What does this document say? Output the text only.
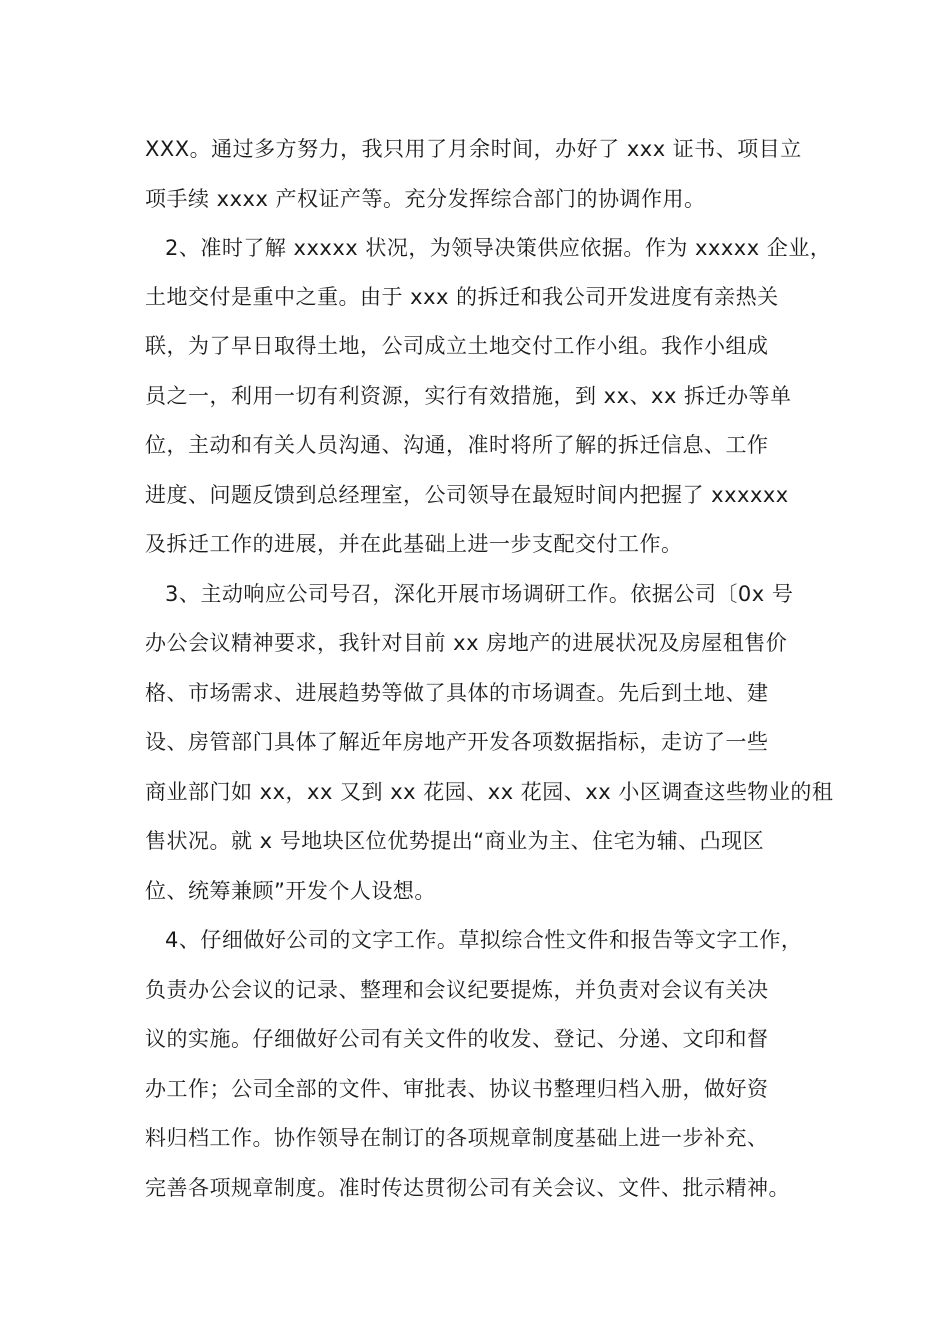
XXX。通过多方努力，我只用了月余时间，办好了 xxx 证书、项目立
项手续 xxxx 产权证产等。充分发挥综合部门的协调作用。
2、准时了解 xxxxx 状况，为领导决策供应依据。作为 xxxxx 企业，
土地交付是重中之重。由于 xxx 的拆迁和我公司开发进度有亲热关
联，为了早日取得土地，公司成立土地交付工作小组。我作小组成
员之一，利用一切有利资源，实行有效措施，到 xx、xx 拆迁办等单
位，主动和有关人员沟通、沟通，准时将所了解的拆迁信息、工作
进度、问题反馈到总经理室，公司领导在最短时间内把握了 xxxxxx
及拆迁工作的进展，并在此基础上进一步支配交付工作。
3、主动响应公司号召，深化开展市场调研工作。依据公司〔0x 号
办公会议精神要求，我针对目前 xx 房地产的进展状况及房屋租售价
格、市场需求、进展趋势等做了具体的市场调查。先后到土地、建
设、房管部门具体了解近年房地产开发各项数据指标，走访了一些
商业部门如 xx，xx 又到 xx 花园、xx 花园、xx 小区调查这些物业的租
售状况。就 x 号地块区位优势提出“商业为主、住宅为辅、凸现区
位、统筹兼顾”开发个人设想。
4、仔细做好公司的文字工作。草拟综合性文件和报告等文字工作，
负责办公会议的记录、整理和会议纪要提炼，并负责对会议有关决
议的实施。仔细做好公司有关文件的收发、登记、分递、文印和督
办工作；公司全部的文件、审批表、协议书整理归档入册，做好资
料归档工作。协作领导在制订的各项规章制度基础上进一步补充、
完善各项规章制度。准时传达贯彻公司有关会议、文件、批示精神。
